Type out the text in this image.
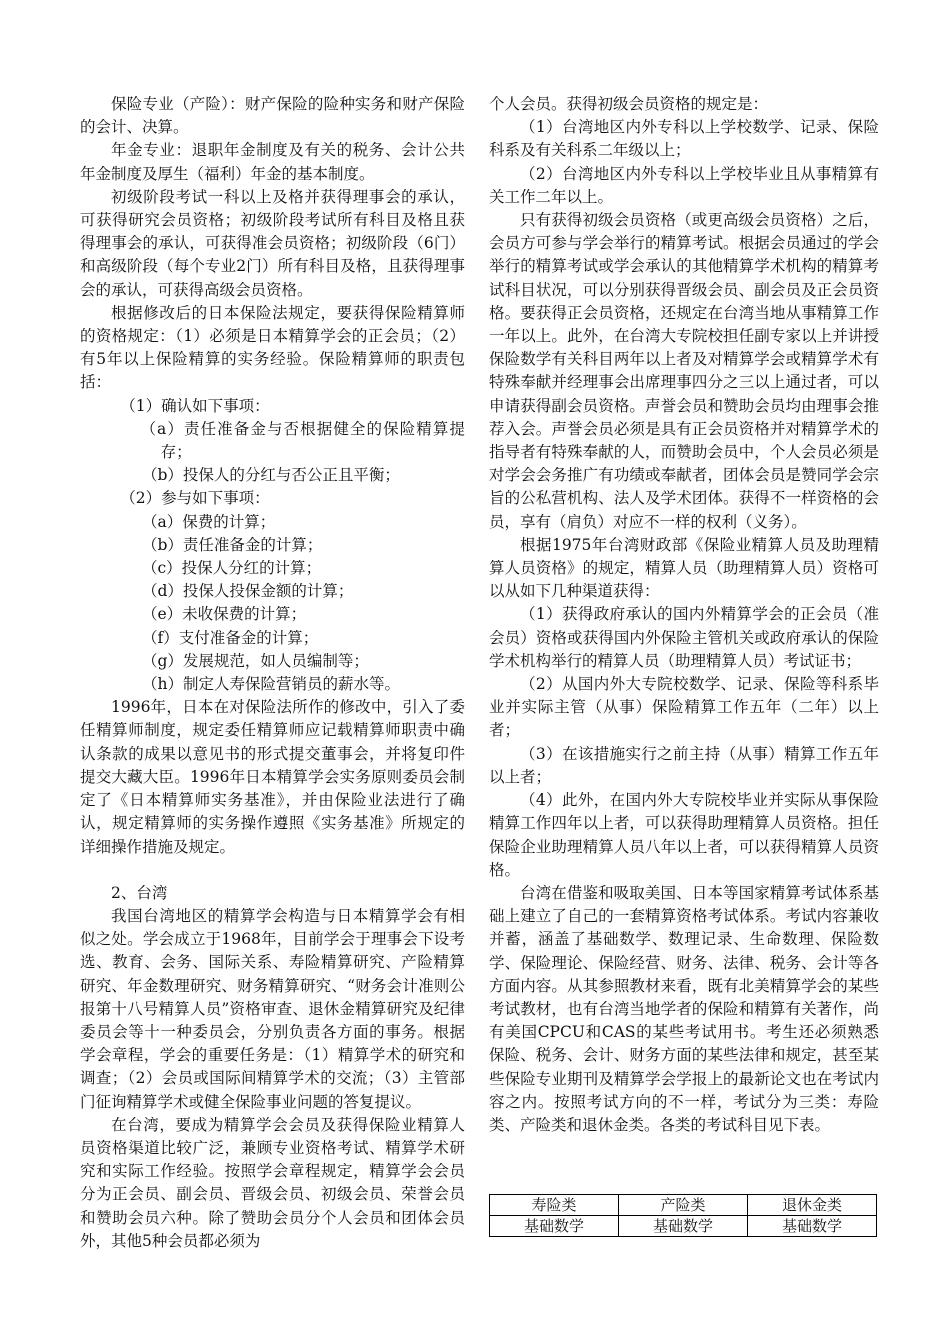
保险专业（产险）：财产保险的险种实务和财产保险的会计、决算。

年金专业：退职年金制度及有关的税务、会计公共年金制度及厚生（福利）年金的基本制度。

初级阶段考试一科以上及格并获得理事会的承认，可获得研究会员资格；初级阶段考试所有科目及格且获得理事会的承认，可获得准会员资格；初级阶段（6门）和高级阶段（每个专业2门）所有科目及格，且获得理事会的承认，可获得高级会员资格。

根据修改后的日本保险法规定，要获得保险精算师的资格规定：（1）必须是日本精算学会的正会员；（2）有5年以上保险精算的实务经验。保险精算师的职责包括：

（1）确认如下事项：

（a）责任准备金与否根据健全的保险精算提存；

（b）投保人的分红与否公正且平衡；

（2）参与如下事项：

（a）保费的计算；

（b）责任准备金的计算；

（c）投保人分红的计算；

（d）投保人投保金额的计算；

（e）未收保费的计算；

（f）支付准备金的计算；

（g）发展规范，如人员编制等；

（h）制定人寿保险营销员的薪水等。

1996年，日本在对保险法所作的修改中，引入了委任精算师制度，规定委任精算师应记载精算师职责中确认条款的成果以意见书的形式提交董事会，并将复印件提交大藏大臣。1996年日本精算学会实务原则委员会制定了《日本精算师实务基准》，并由保险业法进行了确认，规定精算师的实务操作遵照《实务基准》所规定的详细操作措施及规定。

2、台湾

我国台湾地区的精算学会构造与日本精算学会有相似之处。学会成立于1968年，目前学会于理事会下设考选、教育、会务、国际关系、寿险精算研究、产险精算研究、年金数理研究、财务精算研究、“财务会计准则公报第十八号精算人员”资格审查、退休金精算研究及纪律委员会等十一种委员会，分别负责各方面的事务。根据学会章程，学会的重要任务是：（1）精算学术的研究和调查；（2）会员或国际间精算学术的交流；（3）主管部门征询精算学术或健全保险事业问题的答复提议。

在台湾，要成为精算学会会员及获得保险业精算人员资格渠道比较广泛，兼顾专业资格考试、精算学术研究和实际工作经验。按照学会章程规定，精算学会会员分为正会员、副会员、晋级会员、初级会员、荣誉会员和赞助会员六种。除了赞助会员分个人会员和团体会员外，其他5种会员都必须为

个人会员。获得初级会员资格的规定是：

（1）台湾地区内外专科以上学校数学、记录、保险科系及有关科系二年级以上；

（2）台湾地区内外专科以上学校毕业且从事精算有关工作二年以上。

只有获得初级会员资格（或更高级会员资格）之后，会员方可参与学会举行的精算考试。根据会员通过的学会举行的精算考试或学会承认的其他精算学术机构的精算考试科目状况，可以分别获得晋级会员、副会员及正会员资格。要获得正会员资格，还规定在台湾当地从事精算工作一年以上。此外，在台湾大专院校担任副专家以上并讲授保险数学有关科目两年以上者及对精算学会或精算学术有特殊奉献并经理事会出席理事四分之三以上通过者，可以申请获得副会员资格。声誉会员和赞助会员均由理事会推荐入会。声誉会员必须是具有正会员资格并对精算学术的指导者有特殊奉献的人，而赞助会员中，个人会员必须是对学会会务推广有功绩或奉献者，团体会员是赞同学会宗旨的公私营机构、法人及学术团体。获得不一样资格的会员，享有（肩负）对应不一样的权利（义务）。

根据1975年台湾财政部《保险业精算人员及助理精算人员资格》的规定，精算人员（助理精算人员）资格可以从如下几种渠道获得：

（1）获得政府承认的国内外精算学会的正会员（准会员）资格或获得国内外保险主管机关或政府承认的保险学术机构举行的精算人员（助理精算人员）考试证书；

（2）从国内外大专院校数学、记录、保险等科系毕业并实际主管（从事）保险精算工作五年（二年）以上者；

（3）在该措施实行之前主持（从事）精算工作五年以上者；

（4）此外，在国内外大专院校毕业并实际从事保险精算工作四年以上者，可以获得助理精算人员资格。担任保险企业助理精算人员八年以上者，可以获得精算人员资格。

台湾在借鉴和吸取美国、日本等国家精算考试体系基础上建立了自己的一套精算资格考试体系。考试内容兼收并蓄，涵盖了基础数学、数理记录、生命数理、保险数学、保险理论、保险经营、财务、法律、税务、会计等各方面内容。从其参照教材来看，既有北美精算学会的某些考试教材，也有台湾当地学者的保险和精算有关著作，尚有美国CPCU和CAS的某些考试用书。考生还必须熟悉保险、税务、会计、财务方面的某些法律和规定，甚至某些保险专业期刊及精算学会学报上的最新论文也在考试内容之内。按照考试方向的不一样，考试分为三类：寿险类、产险类和退休金类。各类的考试科目见下表。

寿险类	产险类	退休金类
基础数学	基础数学	基础数学
